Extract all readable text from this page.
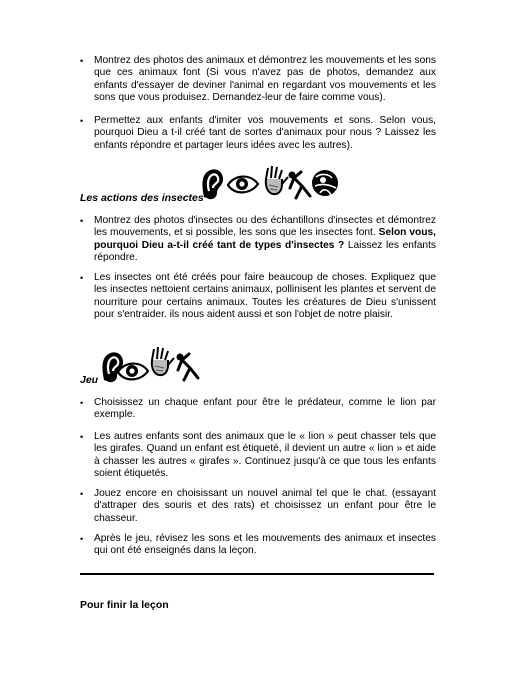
•	Montrez des photos des animaux et démontrez les mouvements et les sons que ces animaux font (Si vous n'avez pas de photos, demandez aux enfants d'essayer de deviner l'animal en regardant vos mouvements et les sons que vous produisez. Demandez-leur de faire comme vous).
•	Permettez aux enfants d'imiter vos mouvements et sons. Selon vous, pourquoi Dieu a t-il créé tant de sortes d'animaux pour nous ? Laissez les enfants répondre et partager leurs idées avec les autres).
Les actions des insectes
•	Montrez des photos d'insectes ou des échantillons d'insectes et démontrez les mouvements, et si possible, les sons que les insectes font. Selon vous, pourquoi Dieu a-t-il créé tant de types d'insectes ? Laissez les enfants répondre.
•	Les insectes ont été créés pour faire beaucoup de choses. Expliquez que les insectes nettoient certains animaux, pollinisent les plantes et servent de nourriture pour certains animaux. Toutes les créatures de Dieu s'unissent pour s'entraider. ils nous aident aussi et son l'objet de notre plaisir.
Jeu
•	Choisissez un chaque enfant pour être le prédateur, comme le lion par exemple.
•	Les autres enfants sont des animaux que le « lion » peut chasser tels que les girafes. Quand un enfant est étiqueté, il devient un autre « lion » et aide à chasser les autres « girafes ». Continuez jusqu'à ce que tous les enfants soient étiquetés.
•	Jouez encore en choisissant un nouvel animal tel que le chat. (essayant d'attraper des souris et des rats) et choisissez un enfant pour être le chasseur.
•	Après le jeu, révisez les sons et les mouvements des animaux et insectes qui ont été enseignés dans la leçon.
Pour finir la leçon
